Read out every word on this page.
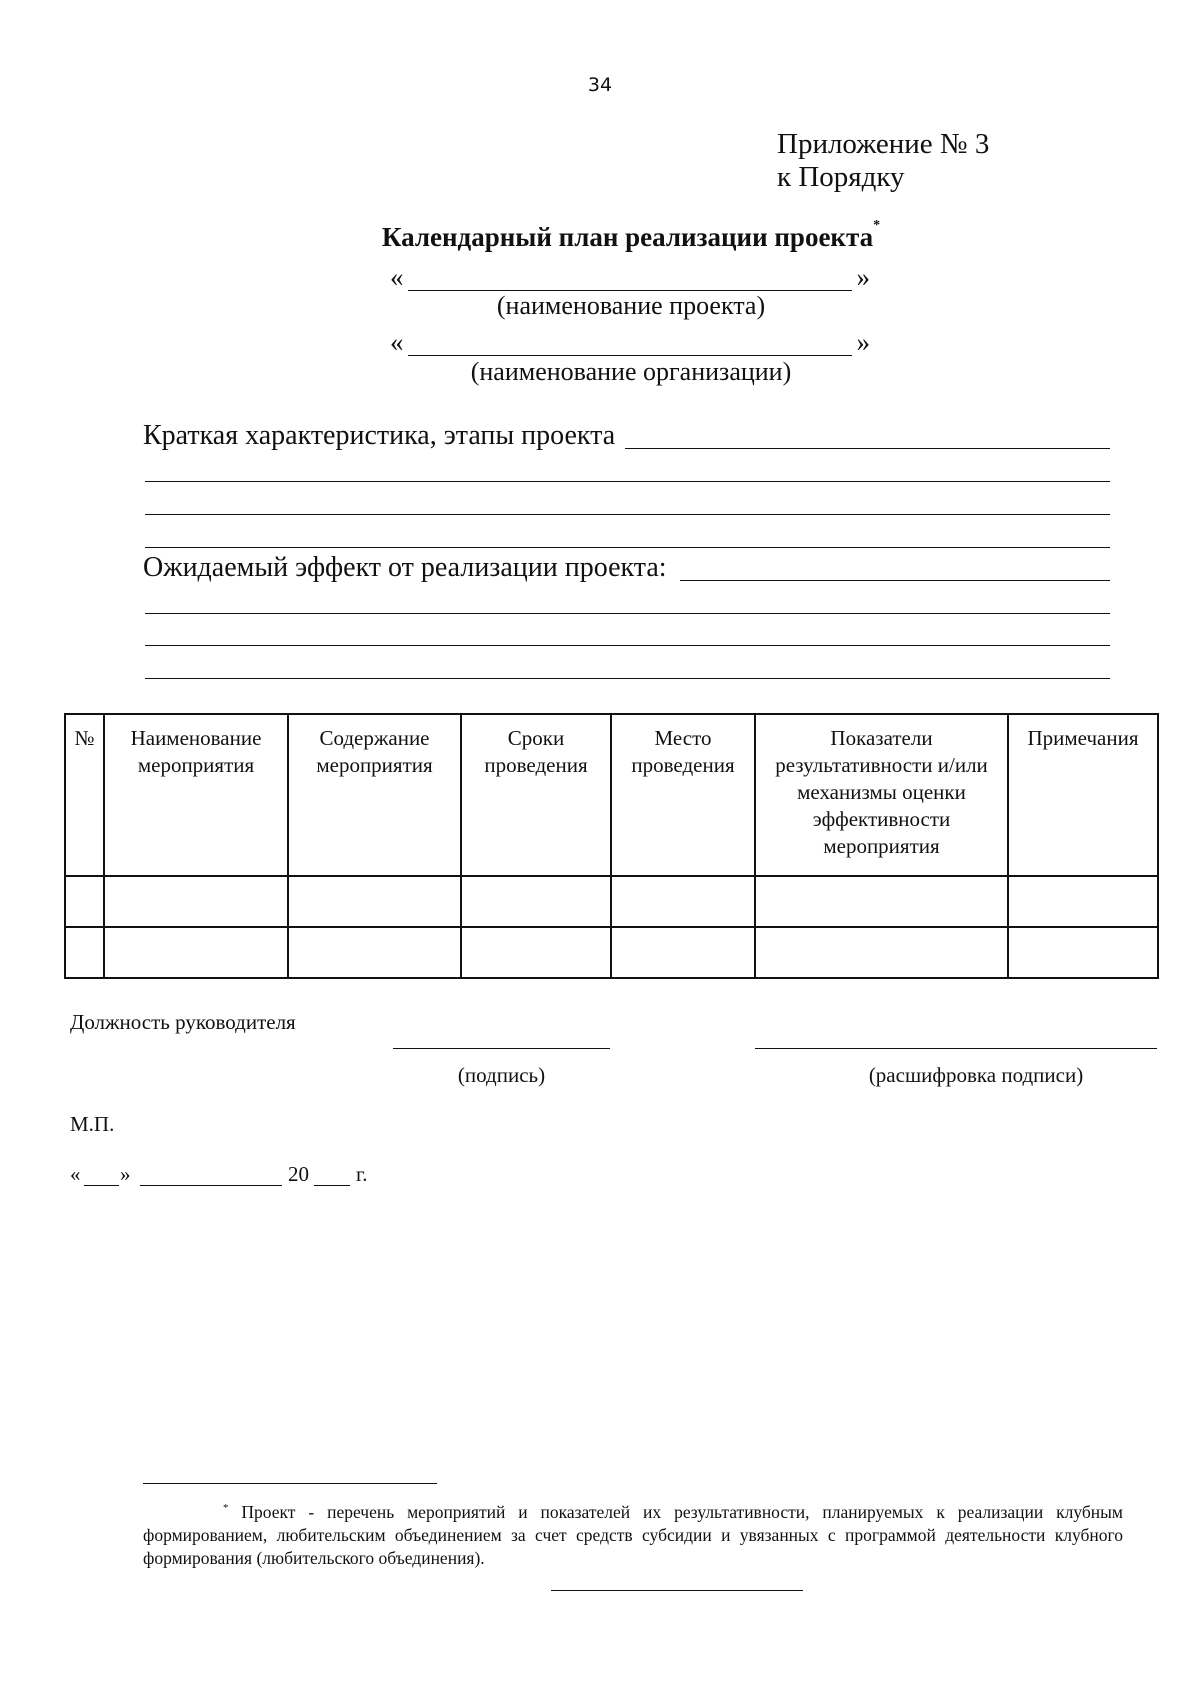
34
Приложение № 3
к Порядку
Календарный план реализации проекта*
«	»
(наименование проекта)
«	»
(наименование организации)
Краткая характеристика, этапы проекта
Ожидаемый эффект от реализации проекта:
№	Наименование мероприятия	Содержание мероприятия	Сроки проведения	Место проведения	Показатели результативности и/или механизмы оценки эффективности мероприятия	Примечания

Должность руководителя
(подпись)	(расшифровка подписи)
М.П.
« »	20 г.
* Проект - перечень мероприятий и показателей их результативности, планируемых к реализации клубным формированием, любительским объединением за счет средств субсидии и увязанных с программой деятельности клубного формирования (любительского объединения).
